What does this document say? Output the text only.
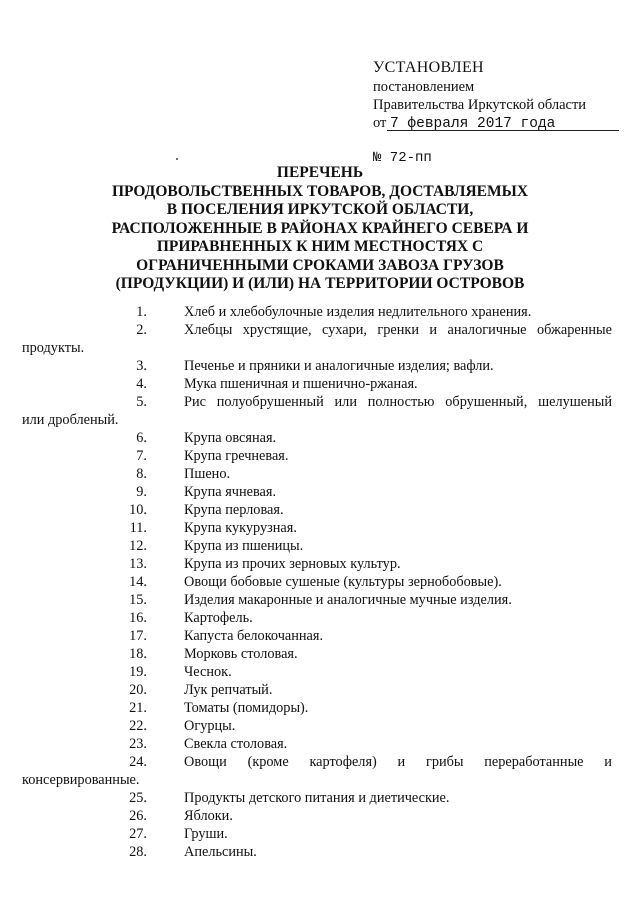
УСТАНОВЛЕН
постановлением
Правительства Иркутской области
от 7 февраля 2017 года
№ 72-пп
ПЕРЕЧЕНЬ
ПРОДОВОЛЬСТВЕННЫХ ТОВАРОВ, ДОСТАВЛЯЕМЫХ В ПОСЕЛЕНИЯ ИРКУТСКОЙ ОБЛАСТИ, РАСПОЛОЖЕННЫЕ В РАЙОНАХ КРАЙНЕГО СЕВЕРА И ПРИРАВНЕННЫХ К НИМ МЕСТНОСТЯХ С ОГРАНИЧЕННЫМИ СРОКАМИ ЗАВОЗА ГРУЗОВ (ПРОДУКЦИИ) И (ИЛИ) НА ТЕРРИТОРИИ ОСТРОВОВ
1.	Хлеб и хлебобулочные изделия недлительного хранения.
2.	Хлебцы хрустящие, сухари, гренки и аналогичные обжаренные
продукты.
3.	Печенье и пряники и аналогичные изделия; вафли.
4.	Мука пшеничная и пшенично-ржаная.
5.	Рис полуобрушенный или полностью обрушенный, шелушеный
или дробленый.
6.	Крупа овсяная.
7.	Крупа гречневая.
8.	Пшено.
9.	Крупа ячневая.
10.	Крупа перловая.
11.	Крупа кукурузная.
12.	Крупа из пшеницы.
13.	Крупа из прочих зерновых культур.
14.	Овощи бобовые сушеные (культуры зернобобовые).
15.	Изделия макаронные и аналогичные мучные изделия.
16.	Картофель.
17.	Капуста белокочанная.
18.	Морковь столовая.
19.	Чеснок.
20.	Лук репчатый.
21.	Томаты (помидоры).
22.	Огурцы.
23.	Свекла столовая.
24.	Овощи (кроме картофеля) и грибы переработанные и
консервированные.
25.	Продукты детского питания и диетические.
26.	Яблоки.
27.	Груши.
28.	Апельсины.
